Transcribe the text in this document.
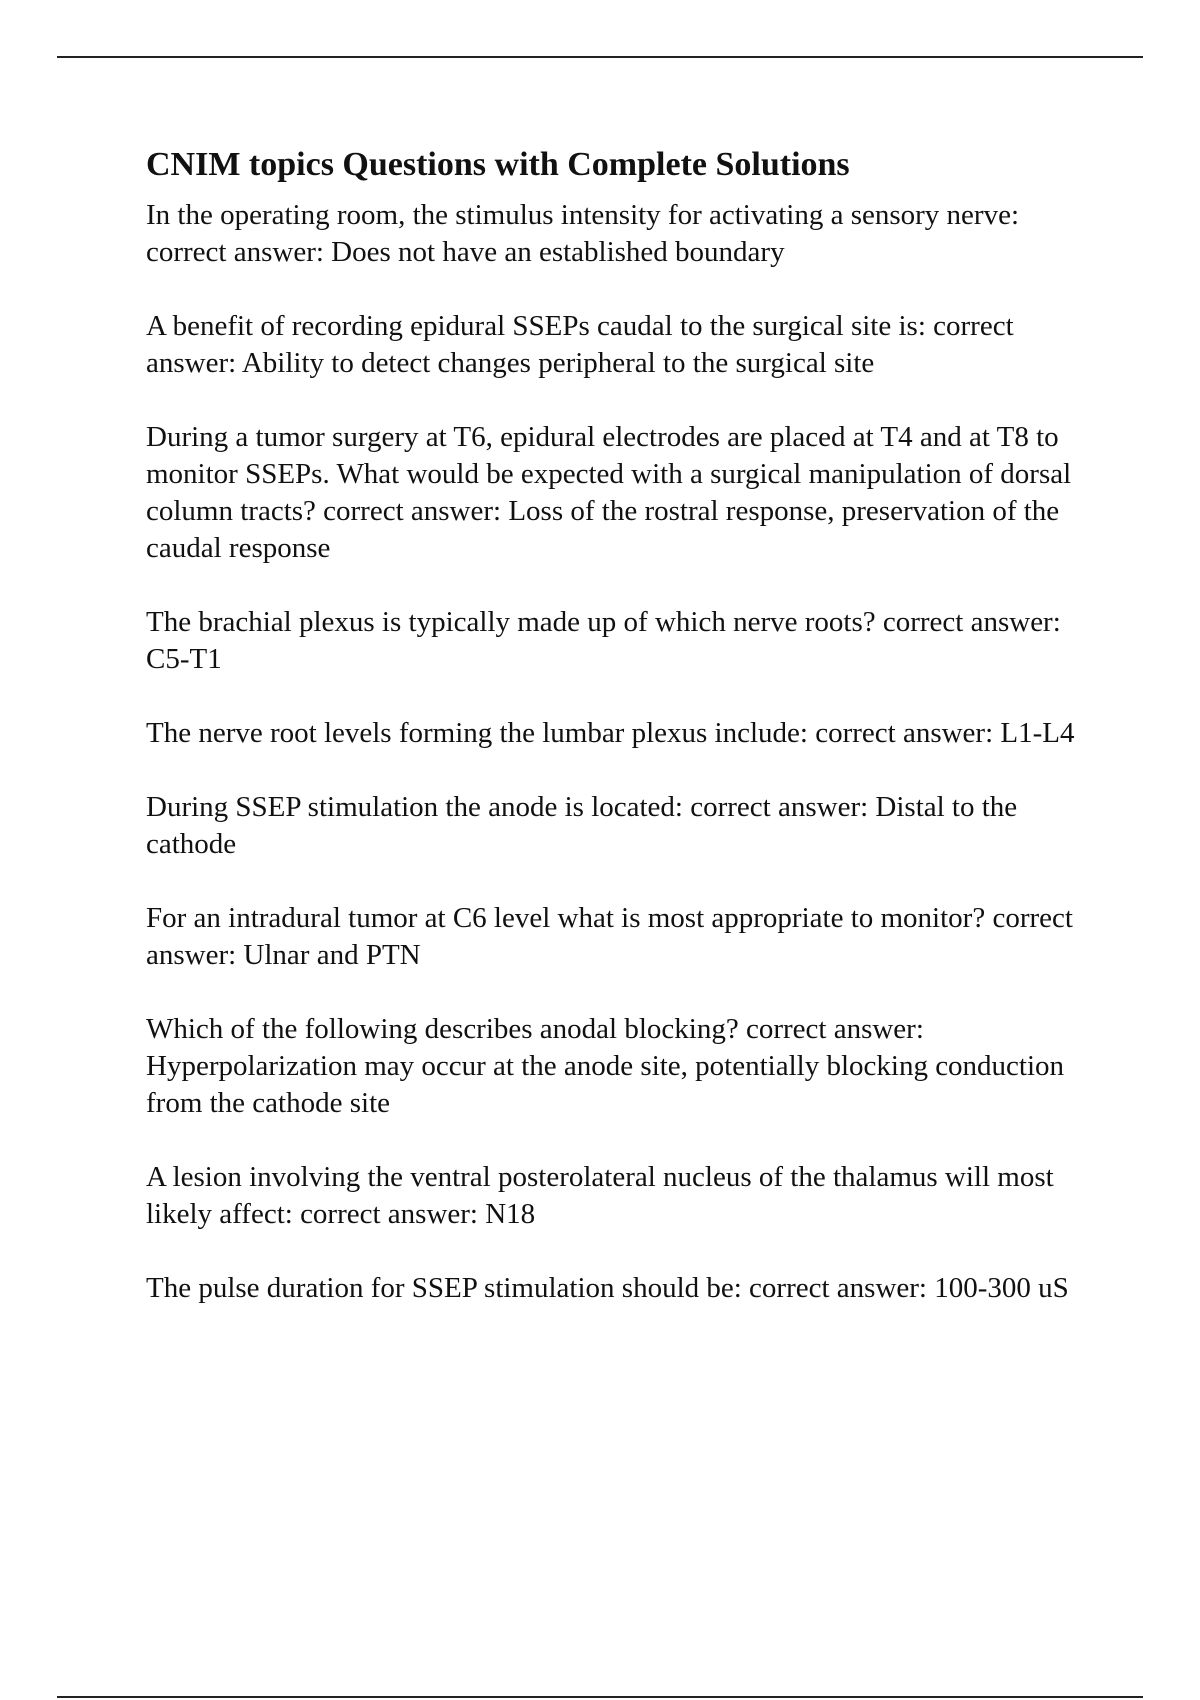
CNIM topics Questions with Complete Solutions
In the operating room, the stimulus intensity for activating a sensory nerve: correct answer: Does not have an established boundary
A benefit of recording epidural SSEPs caudal to the surgical site is: correct answer: Ability to detect changes peripheral to the surgical site
During a tumor surgery at T6, epidural electrodes are placed at T4 and at T8 to monitor SSEPs. What would be expected with a surgical manipulation of dorsal column tracts? correct answer: Loss of the rostral response, preservation of the caudal response
The brachial plexus is typically made up of which nerve roots? correct answer: C5-T1
The nerve root levels forming the lumbar plexus include: correct answer: L1-L4
During SSEP stimulation the anode is located: correct answer: Distal to the cathode
For an intradural tumor at C6 level what is most appropriate to monitor? correct answer: Ulnar and PTN
Which of the following describes anodal blocking? correct answer: Hyperpolarization may occur at the anode site, potentially blocking conduction from the cathode site
A lesion involving the ventral posterolateral nucleus of the thalamus will most likely affect: correct answer: N18
The pulse duration for SSEP stimulation should be: correct answer: 100-300 uS
